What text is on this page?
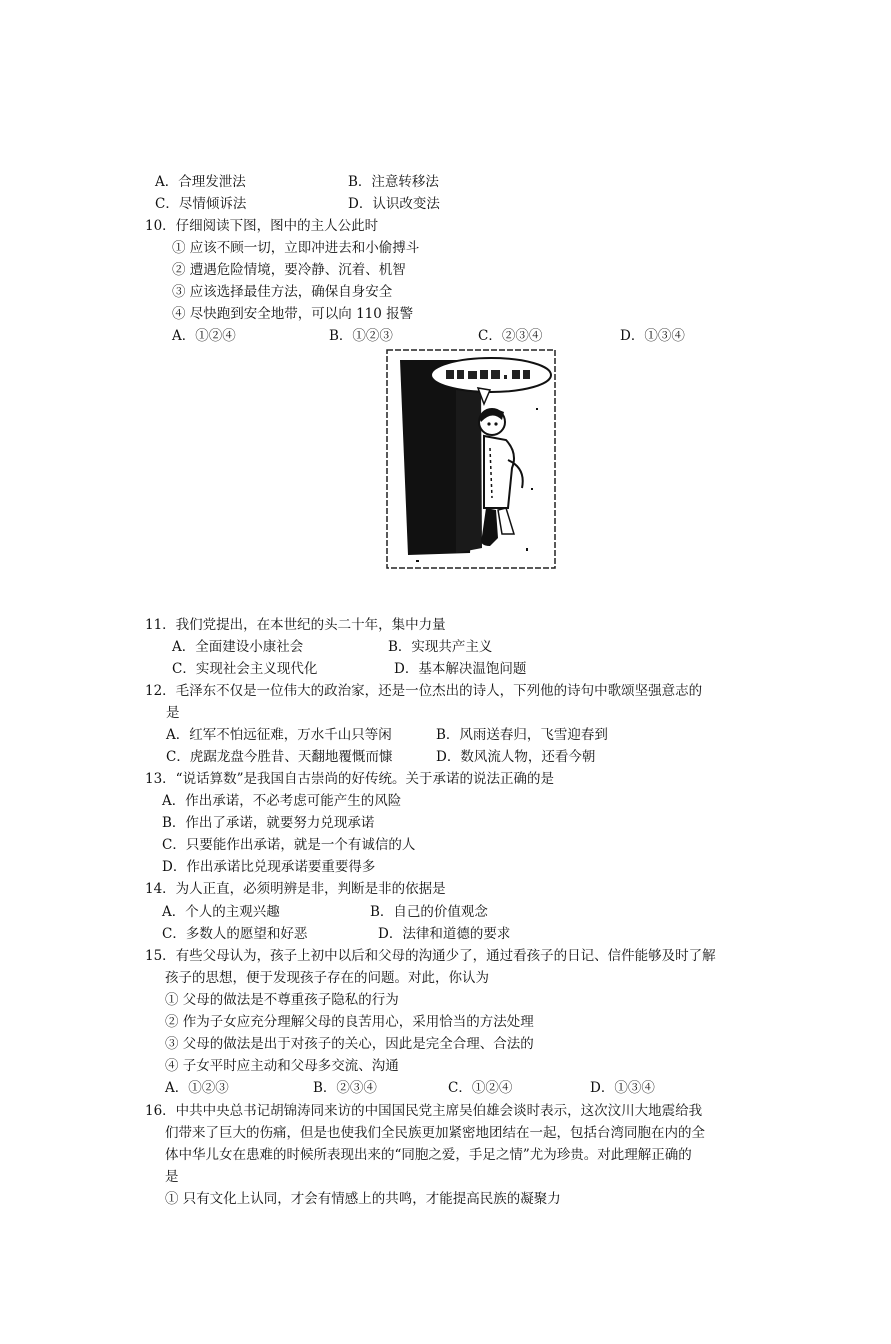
A．合理发泄法	B．注意转移法
C．尽情倾诉法	D．认识改变法
10．仔细阅读下图，图中的主人公此时
① 应该不顾一切，立即冲进去和小偷搏斗
② 遭遇危险情境，要冷静、沉着、机智
③ 应该选择最佳方法，确保自身安全
④ 尽快跑到安全地带，可以向 110 报警
A．①②④	B．①②③	C．②③④	D．①③④
11．我们党提出，在本世纪的头二十年，集中力量
A．全面建设小康社会	B．实现共产主义
C．实现社会主义现代化	D．基本解决温饱问题
12．毛泽东不仅是一位伟大的政治家，还是一位杰出的诗人，下列他的诗句中歌颂坚强意志的
是
A．红军不怕远征难，万水千山只等闲	B．风雨送春归，飞雪迎春到
C．虎踞龙盘今胜昔、天翻地覆慨而慷	D．数风流人物，还看今朝
13．“说话算数”是我国自古崇尚的好传统。关于承诺的说法正确的是
A．作出承诺，不必考虑可能产生的风险
B．作出了承诺，就要努力兑现承诺
C．只要能作出承诺，就是一个有诚信的人
D．作出承诺比兑现承诺要重要得多
14．为人正直，必须明辨是非，判断是非的依据是
A．个人的主观兴趣	B．自己的价值观念
C．多数人的愿望和好恶	D．法律和道德的要求
15．有些父母认为，孩子上初中以后和父母的沟通少了，通过看孩子的日记、信件能够及时了解
孩子的思想，便于发现孩子存在的问题。对此，你认为
① 父母的做法是不尊重孩子隐私的行为
② 作为子女应充分理解父母的良苦用心，采用恰当的方法处理
③ 父母的做法是出于对孩子的关心，因此是完全合理、合法的
④ 子女平时应主动和父母多交流、沟通
A．①②③	B．②③④	C．①②④	D．①③④
16．中共中央总书记胡锦涛同来访的中国国民党主席吴伯雄会谈时表示，这次汶川大地震给我
们带来了巨大的伤痛，但是也使我们全民族更加紧密地团结在一起，包括台湾同胞在内的全
体中华儿女在患难的时候所表现出来的“同胞之爱，手足之情”尤为珍贵。对此理解正确的
是
① 只有文化上认同，才会有情感上的共鸣，才能提高民族的凝聚力
